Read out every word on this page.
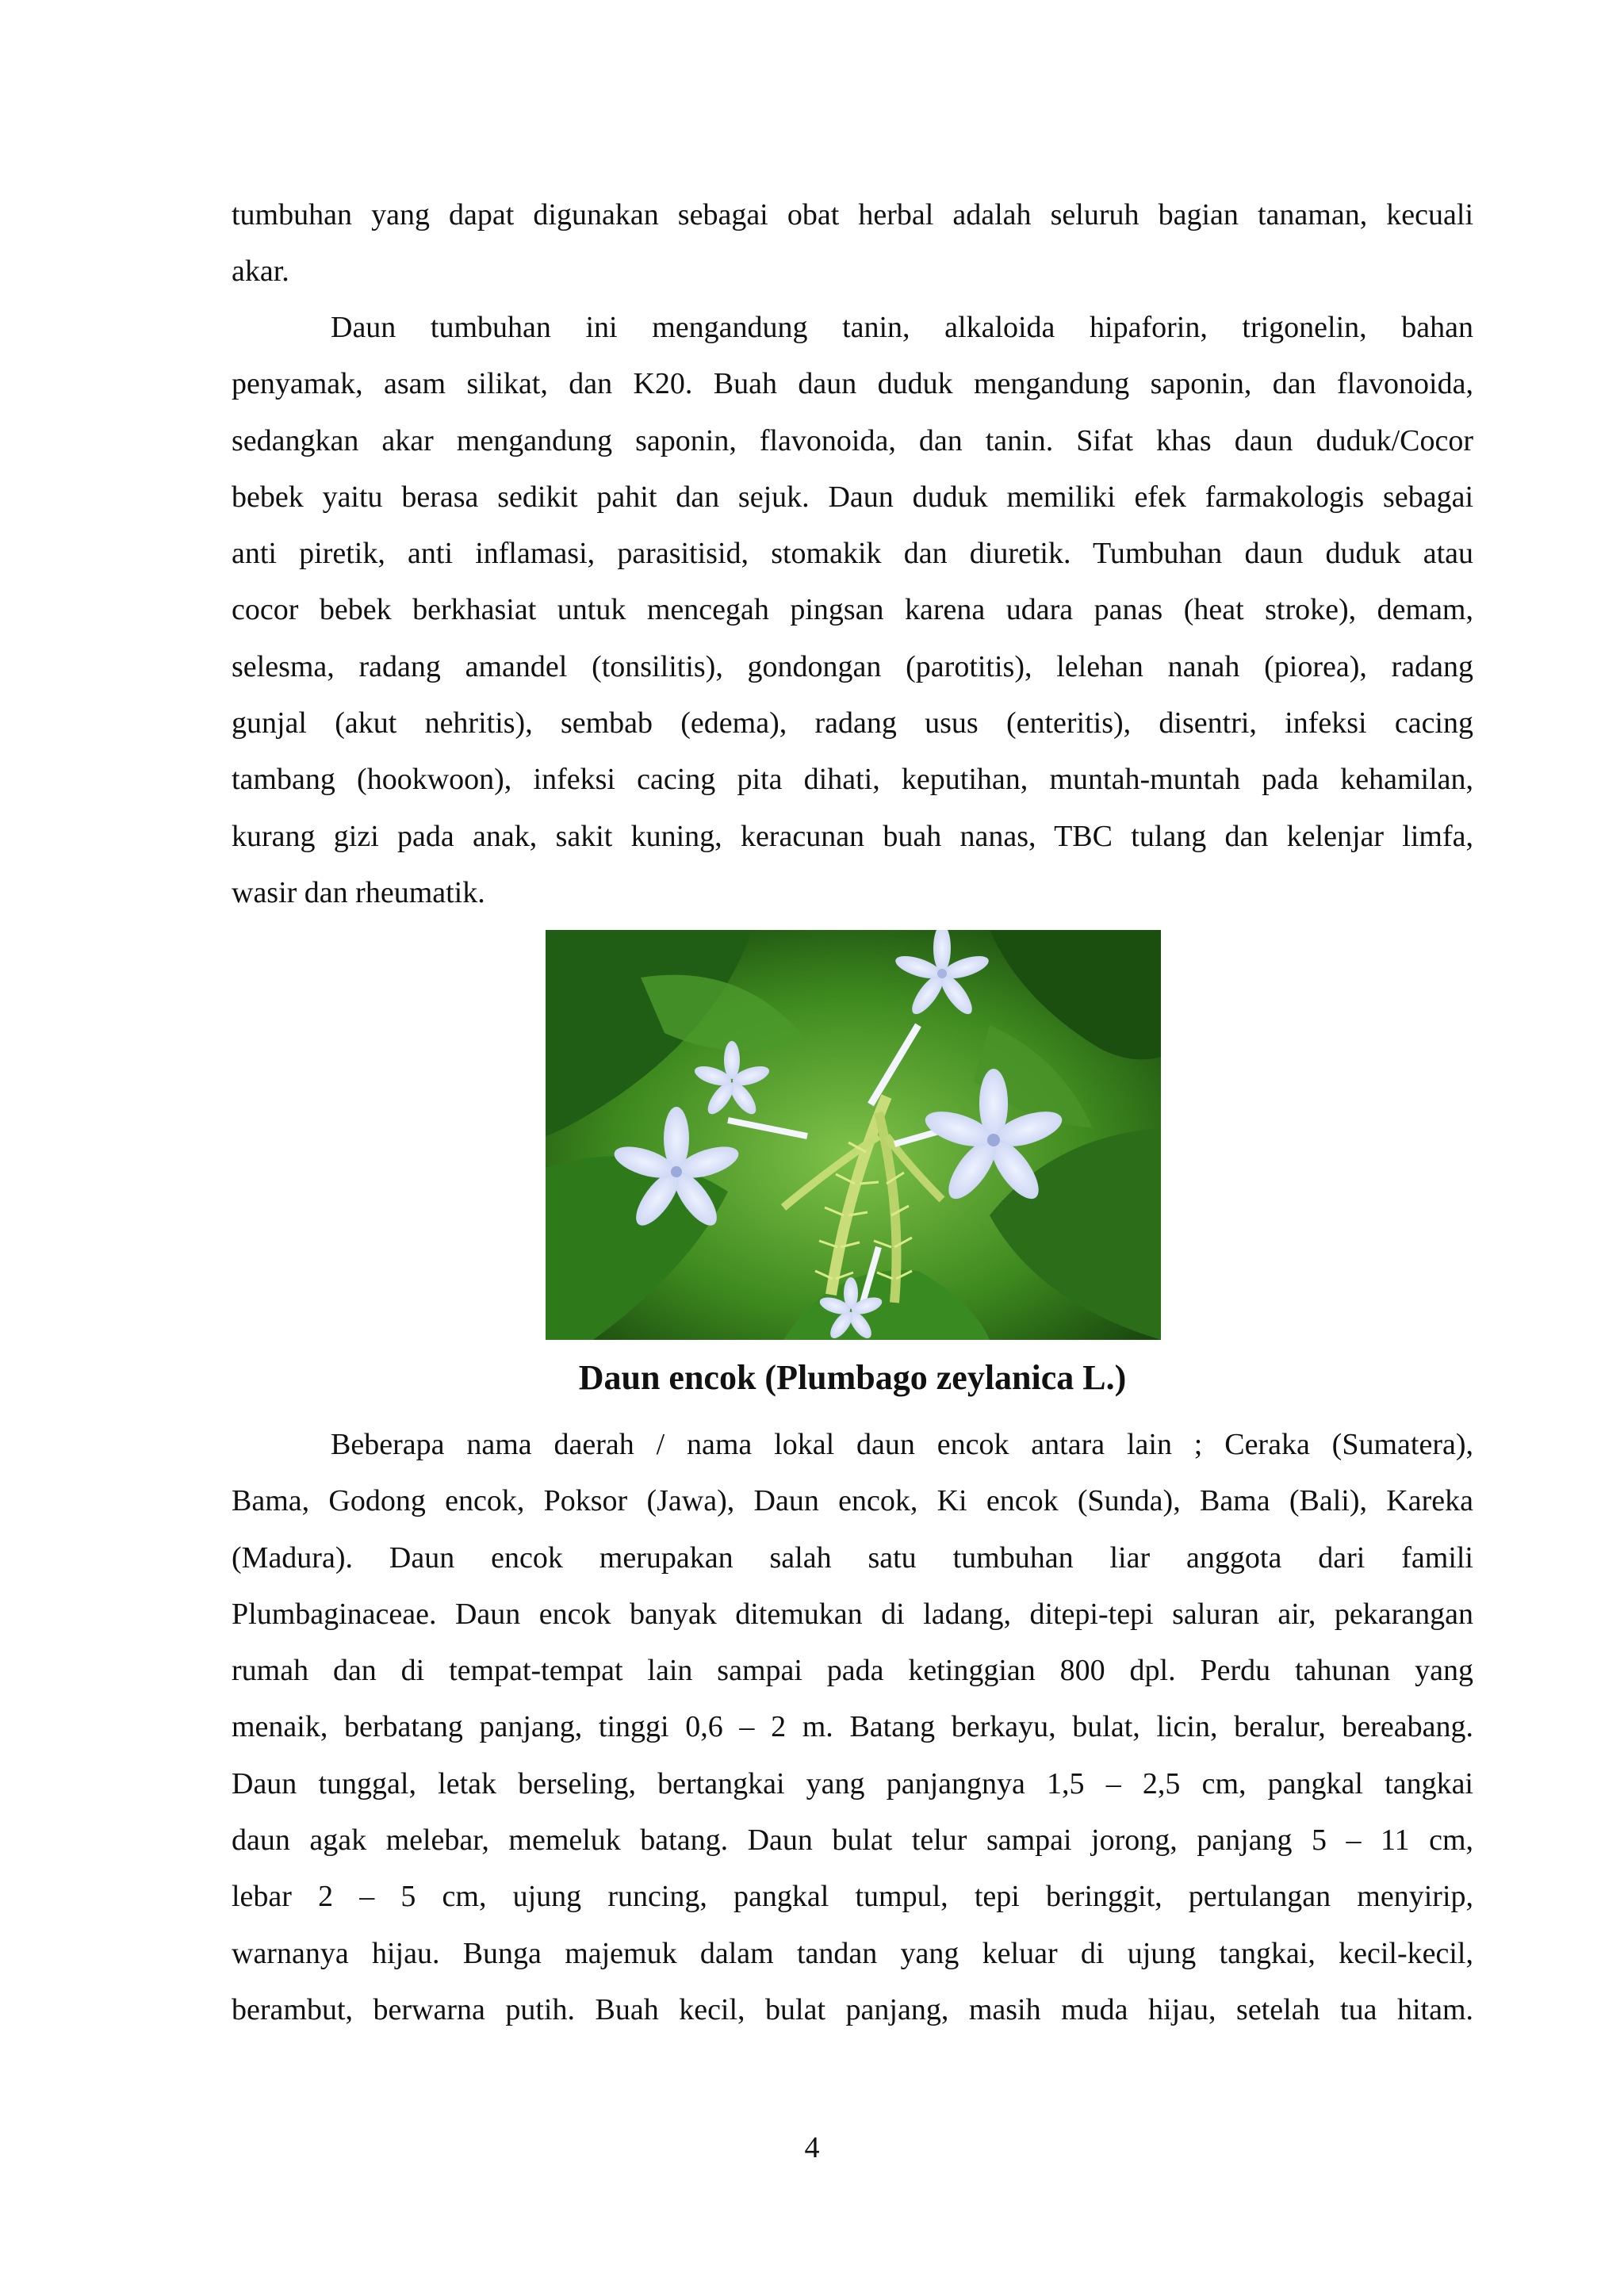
tumbuhan yang dapat digunakan sebagai obat herbal adalah seluruh bagian tanaman, kecuali
akar.

Daun tumbuhan ini mengandung tanin, alkaloida hipaforin, trigonelin, bahan
penyamak, asam silikat, dan K20. Buah daun duduk mengandung saponin, dan flavonoida,
sedangkan akar mengandung saponin, flavonoida, dan tanin. Sifat khas daun duduk/Cocor
bebek yaitu berasa sedikit pahit dan sejuk. Daun duduk memiliki efek farmakologis sebagai
anti piretik, anti inflamasi, parasitisid, stomakik dan diuretik. Tumbuhan daun duduk atau
cocor bebek berkhasiat untuk mencegah pingsan karena udara panas (heat stroke), demam,
selesma, radang amandel (tonsilitis), gondongan (parotitis), lelehan nanah (piorea), radang
gunjal (akut nehritis), sembab (edema), radang usus (enteritis), disentri, infeksi cacing
tambang (hookwoon), infeksi cacing pita dihati, keputihan, muntah-muntah pada kehamilan,
kurang gizi pada anak, sakit kuning, keracunan buah nanas, TBC tulang dan kelenjar limfa,
wasir dan rheumatik.

Daun encok (Plumbago zeylanica L.)

Beberapa nama daerah / nama lokal daun encok antara lain ; Ceraka (Sumatera),
Bama, Godong encok, Poksor (Jawa), Daun encok, Ki encok (Sunda), Bama (Bali), Kareka
(Madura). Daun encok merupakan salah satu tumbuhan liar anggota dari famili
Plumbaginaceae. Daun encok banyak ditemukan di ladang, ditepi-tepi saluran air, pekarangan
rumah dan di tempat-tempat lain sampai pada ketinggian 800 dpl. Perdu tahunan yang
menaik, berbatang panjang, tinggi 0,6 – 2 m. Batang berkayu, bulat, licin, beralur, bereabang.
Daun tunggal, letak berseling, bertangkai yang panjangnya 1,5 – 2,5 cm, pangkal tangkai
daun agak melebar, memeluk batang. Daun bulat telur sampai jorong, panjang 5 – 11 cm,
lebar 2 – 5 cm, ujung runcing, pangkal tumpul, tepi beringgit, pertulangan menyirip,
warnanya hijau. Bunga majemuk dalam tandan yang keluar di ujung tangkai, kecil-kecil,
berambut, berwarna putih. Buah kecil, bulat panjang, masih muda hijau, setelah tua hitam.

4
